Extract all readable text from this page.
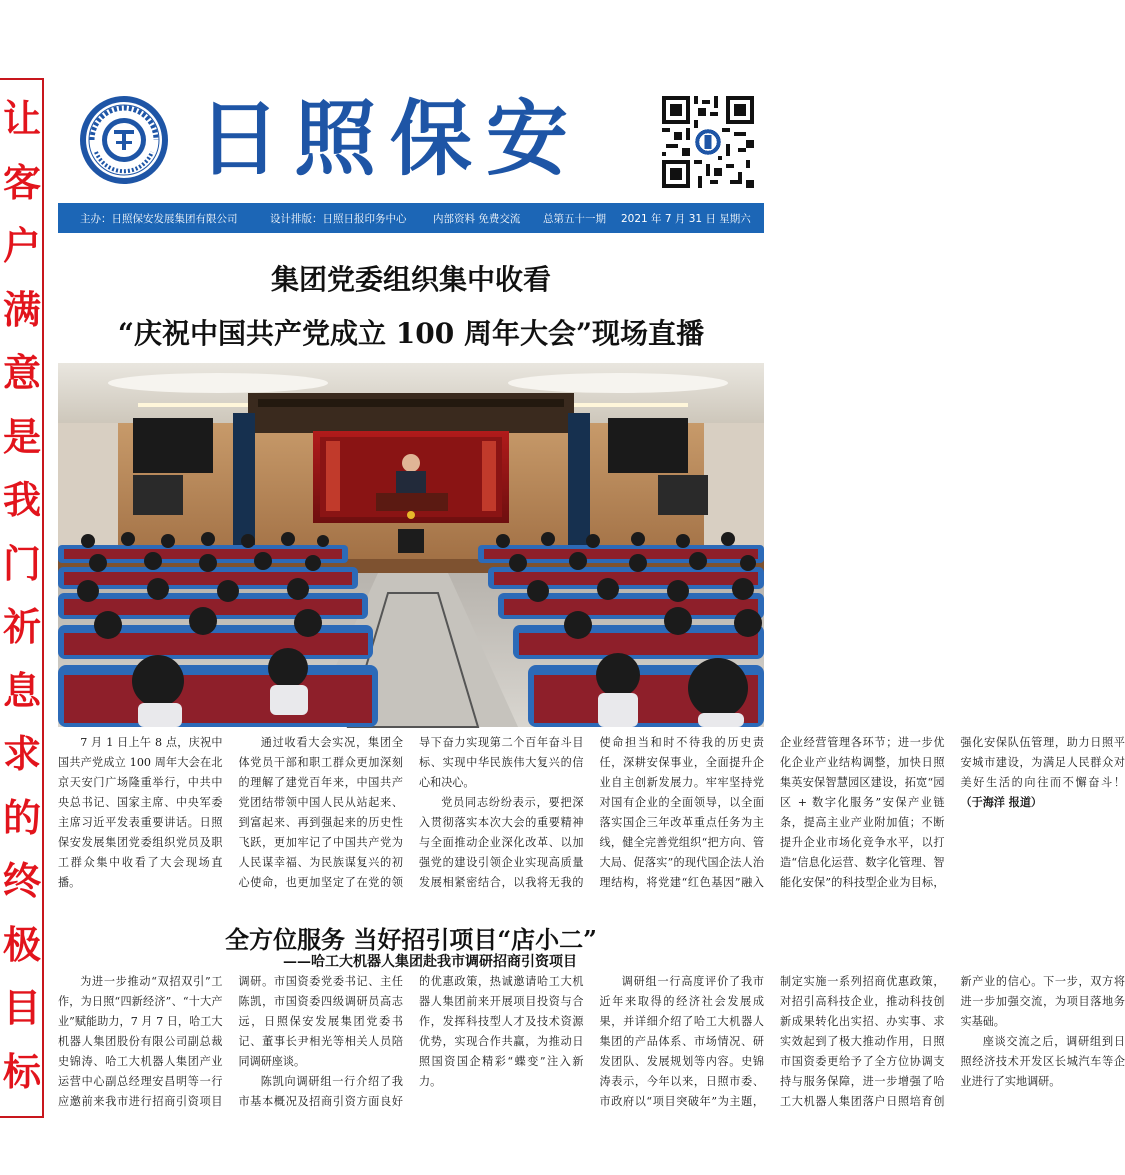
让
客
户
满
意
是
我
门
祈
息
求
的
终
极
目
标
日照保安
主办：日照保安发展集团有限公司	设计排版：日照日报印务中心	内部资料 免费交流	总第五十一期	2021 年 7 月 31 日 星期六
集团党委组织集中收看
“庆祝中国共产党成立 100 周年大会”现场直播

7 月 1 日上午 8 点，庆祝中国共产党成立 100 周年大会在北京天安门广场隆重举行，中共中央总书记、国家主席、中央军委主席习近平发表重要讲话。日照保安发展集团党委组织党员及职工群众集中收看了大会现场直播。

通过收看大会实况，集团全体党员干部和职工群众更加深刻的理解了建党百年来，中国共产党团结带领中国人民从站起来、到富起来、再到强起来的历史性飞跃，更加牢记了中国共产党为人民谋幸福、为民族谋复兴的初心使命，也更加坚定了在党的领导下奋力实现第二个百年奋斗目标、实现中华民族伟大复兴的信心和决心。

党员同志纷纷表示，要把深入贯彻落实本次大会的重要精神与全面推动企业深化改革、以加强党的建设引领企业实现高质量发展相紧密结合，以我将无我的使命担当和时不待我的历史责任，深耕安保事业，全面提升企业自主创新发展力。牢牢坚持党对国有企业的全面领导，以全面落实国企三年改革重点任务为主线，健全完善党组织“把方向、管大局、促落实”的现代国企法人治理结构，将党建“红色基因”融入企业经营管理各环节；进一步优化企业产业结构调整，加快日照集英安保智慧园区建设，拓宽“园区 + 数字化服务”安保产业链条，提高主业产业附加值；不断提升企业市场化竞争水平，以打造“信息化运营、数字化管理、智能化安保”的科技型企业为目标，强化安保队伍管理，助力日照平安城市建设，为满足人民群众对美好生活的向往而不懈奋斗！（于海洋 报道）

全方位服务 当好招引项目“店小二”
——哈工大机器人集团赴我市调研招商引资项目

为进一步推动“双招双引”工作，为日照“四新经济”、“十大产业”赋能助力，7 月 7 日，哈工大机器人集团股份有限公司副总裁史锦涛、哈工大机器人集团产业运营中心副总经理安昌明等一行应邀前来我市进行招商引资项目调研。市国资委党委书记、主任陈凯，市国资委四级调研员高志远，日照保安发展集团党委书记、董事长尹相光等相关人员陪同调研座谈。

陈凯向调研组一行介绍了我市基本概况及招商引资方面良好的优惠政策，热诚邀请哈工大机器人集团前来开展项目投资与合作，发挥科技型人才及技术资源优势，实现合作共赢，为推动日照国资国企精彩“蝶变”注入新力。

调研组一行高度评价了我市近年来取得的经济社会发展成果，并详细介绍了哈工大机器人集团的产品体系、市场情况、研发团队、发展规划等内容。史锦涛表示，今年以来，日照市委、市政府以“项目突破年”为主题，制定实施一系列招商优惠政策，对招引高科技企业，推动科技创新成果转化出实招、办实事、求实效起到了极大推动作用，日照市国资委更给予了全方位协调支持与服务保障，进一步增强了哈工大机器人集团落户日照培育创新产业的信心。下一步，双方将进一步加强交流，为项目落地务实基础。

座谈交流之后，调研组到日照经济技术开发区长城汽车等企业进行了实地调研。
